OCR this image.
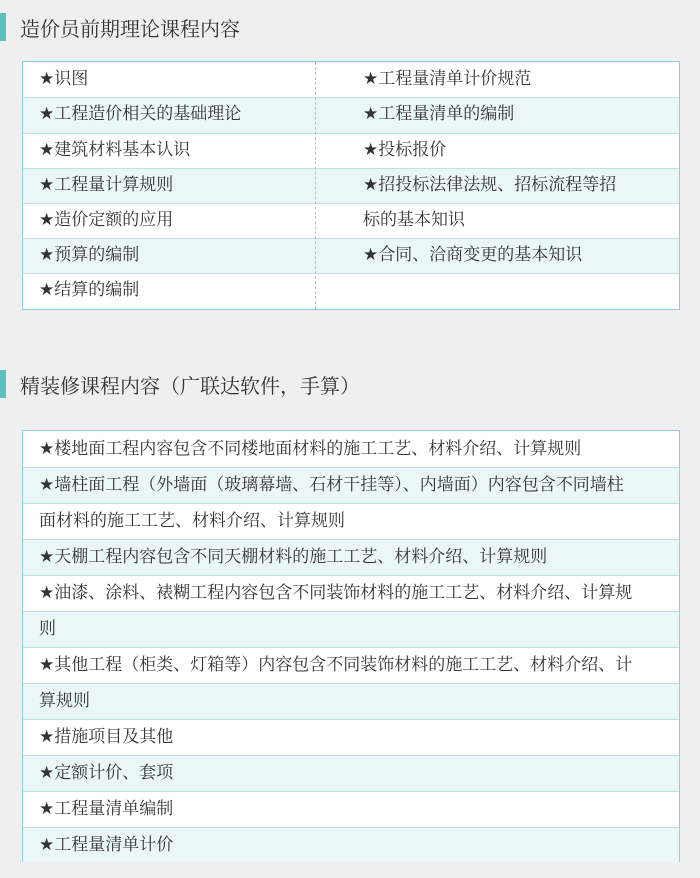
造价员前期理论课程内容
★识图
★工程造价相关的基础理论
★建筑材料基本认识
★工程量计算规则
★造价定额的应用
★预算的编制
★结算的编制
★工程量清单计价规范
★工程量清单的编制
★投标报价
★招投标法律法规、招标流程等招
标的基本知识
★合同、洽商变更的基本知识
精装修课程内容（广联达软件，手算）
★楼地面工程内容包含不同楼地面材料的施工工艺、材料介绍、计算规则
★墙柱面工程（外墙面（玻璃幕墙、石材干挂等）、内墙面）内容包含不同墙柱
面材料的施工工艺、材料介绍、计算规则
★天棚工程内容包含不同天棚材料的施工工艺、材料介绍、计算规则
★油漆、涂料、裱糊工程内容包含不同装饰材料的施工工艺、材料介绍、计算规
则
★其他工程（柜类、灯箱等）内容包含不同装饰材料的施工工艺、材料介绍、计
算规则
★措施项目及其他
★定额计价、套项
★工程量清单编制
★工程量清单计价
